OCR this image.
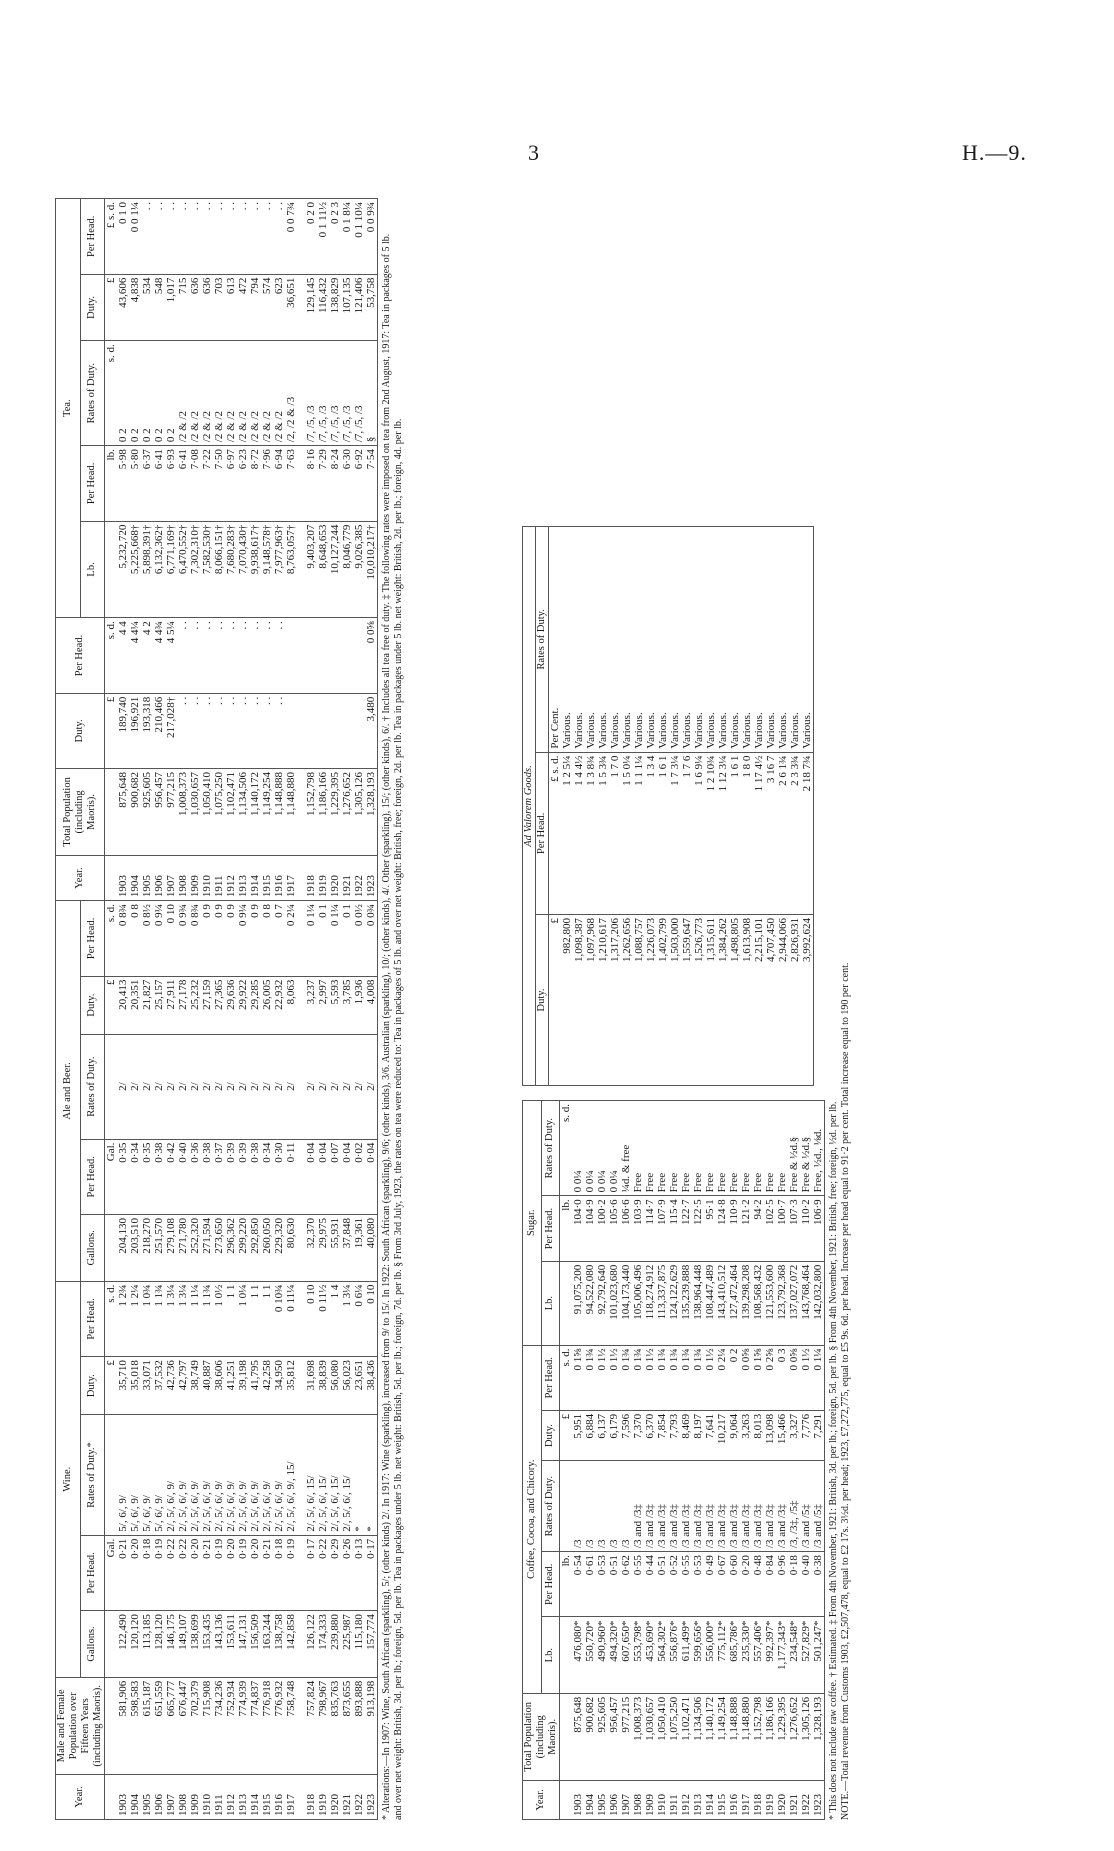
3	H.—9.
Year.	Male and Female Population over Fifteen Years (including Maoris).	Wine.					Ale and Beer.					Year.	Total Population (including Maoris).	Duty.	Per Head.	Tea.				
		Gallons.	Per Head.	Rates of Duty.*	Duty.	Per Head.	Gallons.	Per Head.	Rates of Duty.	Duty.	Per Head.					Lb.	Per Head.	Rates of Duty.	Duty.	Per Head.
			Gal.		£	s. d.		Gal.		£	s. d.			£	s. d.		lb.	s. d.	£	£ s. d.
1903	581,906	122,490	0·21	5/, 6/, 9/	35,710	1 2¾	204,130	0·35	2/	20,413	0 8¾	1903	875,648	189,740	4 4	5,232,720	5·98	0 2	43,606	0 1 0
1904	598,583	120,120	0·20	5/, 6/, 9/	35,018	1 2¼	203,510	0·34	2/	20,351	0 8	1904	900,682	196,921	4 4¼	5,225,668†	5·80	0 2	4,838	0 0 1¼
1905	615,187	113,185	0·18	5/, 6/, 9/	33,071	1 0¾	218,270	0·35	2/	21,827	0 8½	1905	925,605	193,318	4 2	5,898,391†	6·37	0 2	534	. .
1906	651,559	128,120	0·19	5/, 6/, 9/	37,532	1 1¾	251,570	0·38	2/	25,157	0 9¼	1906	956,457	210,466	4 4¾	6,132,362†	6·41	0 2	548	. .
1907	665,777	146,175	0·22	2/, 5/, 6/, 9/	42,736	1 3¼	279,108	0·42	2/	27,911	0 10	1907	977,215	217,028†	4 5¼	6,771,169†	6·93	0 2	1,017	. .
1908	676,447	149,107	0·22	2/, 5/, 6/, 9/	42,797	1 3¼	271,780	0·40	2/	27,178	0 9¾	1908	1,008,373	. .	. .	6,470,552†	6·41	/2 & /2	715	. .
1909	702,379	138,699	0·20	2/, 5/, 6/, 9/	38,749	1 1¼	252,320	0·36	2/	25,232	0 8¾	1909	1,030,657	. .	. .	7,302,310†	7·08	/2 & /2	636	. .
1910	715,908	153,435	0·21	2/, 5/, 6/, 9/	40,887	1 1¾	271,594	0·38	2/	27,159	0 9	1910	1,050,410	. .	. .	7,582,530†	7·22	/2 & /2	636	. .
1911	734,236	143,136	0·19	2/, 5/, 6/, 9/	38,606	1 0½	273,650	0·37	2/	27,365	0 9	1911	1,075,250	. .	. .	8,066,151†	7·50	/2 & /2	703	. .
1912	752,934	153,611	0·20	2/, 5/, 6/, 9/	41,251	1 1	296,362	0·39	2/	29,636	0 9	1912	1,102,471	. .	. .	7,680,283†	6·97	/2 & /2	613	. .
1913	774,939	147,131	0·19	2/, 5/, 6/, 9/	39,198	1 0¼	299,220	0·39	2/	29,922	0 9¼	1913	1,134,506	. .	. .	7,070,430†	6·23	/2 & /2	472	. .
1914	774,837	156,509	0·20	2/, 5/, 6/, 9/	41,795	1 1	292,850	0·38	2/	29,285	0 9	1914	1,140,172	. .	. .	9,938,617†	8·72	/2 & /2	794	. .
1915	776,918	163,244	0·21	2/, 5/, 6/, 9/	42,258	1 1	260,050	0·34	2/	26,005	0 8	1915	1,149,254	. .	. .	9,148,578†	7·96	/2 & /2	574	. .
1916	776,932	138,758	0·18	2/, 5/, 6/, 9/	34,950	0 10¾	229,320	0·30	2/	22,932	0 7	1916	1,148,888	. .	. .	7,977,963†	6·94	/2 & /2	623	. .
1917	758,748	142,858	0·19	2/, 5/, 6/, 9/, 15/	35,812	0 11¼	80,630	0·11	2/	8,063	0 2¼	1917	1,148,880			8,763,057†	7·63	/2, /2 & /3	36,651	0 0 7¾

1918	757,824	126,122	0·17	2/, 5/, 6/, 15/	31,698	0 10	32,370	0·04	2/	3,237	0 1¼	1918	1,152,798			9,403,207	8·16	/7, /5, /3	129,145	0 2 0
1919	798,967	174,333	0·22	2/, 5/, 6/, 15/	38,839	0 11½	29,975	0·04	2/	2,997	0 1	1919	1,186,166			8,648,653	7·29	/7, /5, /3	116,432	0 1 11½
1920	835,763	239,880	0·29	2/, 5/, 6/, 15/	56,080	1 4	55,931	0·07	2/	5,593	0 1¼	1920	1,229,395			10,127,244	8·24	/7, /5, /3	138,829	0 2 3
1921	873,655	225,987	0·26	2/, 5/, 6/, 15/	56,023	1 3¼	37,848	0·04	2/	3,785	0 1	1921	1,276,652			8,046,779	6·30	/7, /5, /3	107,135	0 1 8¼
1922	893,888	115,180	0·13	*	23,651	0 6¼	19,361	0·02	2/	1,936	0 0½	1922	1,305,126			9,026,385	6·92	/7, /5, /3	121,406	0 1 10¼
1923	913,198	157,774	0·17	*	38,436	0 10	40,080	0·04	2/	4,008	0 0¾	1923	1,328,193	3,480	0 0⅝	10,010,217†	7·54	§	53,758	0 0 9¾

* Alterations:—In 1907: Wine, South African (sparkling), 5/; (other kinds) 2/. In 1917: Wine (sparkling), increased from 9/ to 15/. In 1922: South African (sparkling), 9/6; (other kinds), 3/6. Australian (sparkling), 10/; (other kinds), 4/. Other (sparkling), 15/; (other kinds), 6/. † Includes all tea free of duty. ‡ The following rates were imposed on tea from 2nd August, 1917: Tea in packages of 5 lb. and over net weight: British, 3d. per lb.; foreign, 5d. per lb. Tea in packages under 5 lb. net weight: British, 5d. per lb.; foreign, 7d. per lb. § From 3rd July, 1923, the rates on tea were reduced to: Tea in packages of 5 lb. and over net weight: British, free; foreign, 2d. per lb. Tea in packages under 5 lb. net weight: British, 2d. per lb.; foreign, 4d. per lb.	Year.	Total Population (including Maoris).	Coffee, Cocoa, and Chicory.					Sugar.		
		Lb.	Per Head.	Rates of Duty.	Duty.	Per Head.	Lb.	Per Head.	Rates of Duty.
			lb.		£	s. d.		lb.	s. d.
1903	875,648	476,080*	0·54	/3	5,951	0 1⅝	91,075,200	104·0	0 0¼
1904	900,682	550,720*	0·61	/3	6,884	0 1¾	94,522,080	104·9	0 0¼
1905	925,605	490,960*	0·53	/3	6,137	0 1½	92,792,640	100·2	0 0¼
1906	956,457	494,320*	0·51	/3	6,179	0 1½	101,023,680	105·6	0 0¼
1907	977,215	607,650*	0·62	/3	7,596	0 1¾	104,173,440	106·6	¼d. & free
1908	1,008,373	553,798*	0·55	/3 and /3‡	7,370	0 1¾	105,006,496	103·9	Free
1909	1,030,657	453,690*	0·44	/3 and /3‡	6,370	0 1½	118,274,912	114·7	Free
1910	1,050,410	564,302*	0·51	/3 and /3‡	7,854	0 1¾	113,337,875	107·9	Free
1911	1,075,250	556,876*	0·52	/3 and /3‡	7,793	0 1¾	124,122,629	115·4	Free
1912	1,102,471	611,499*	0·55	/3 and /3‡	8,469	0 1¾	135,239,888	122·7	Free
1913	1,134,506	599,656*	0·53	/3 and /3‡	8,197	0 1¾	138,964,448	122·5	Free
1914	1,140,172	556,000*	0·49	/3 and /3‡	7,641	0 1½	108,447,489	95·1	Free
1915	1,149,254	775,112*	0·67	/3 and /3‡	10,217	0 2¼	143,410,512	124·8	Free
1916	1,148,888	685,786*	0·60	/3 and /3‡	9,064	0 2	127,472,464	110·9	Free
1917	1,148,880	235,330*	0·20	/3 and /3‡	3,263	0 0⅝	139,298,208	121·2	Free
1918	1,152,798	557,406*	0·48	/3 and /3‡	8,013	0 1⅝	108,568,432	94·2	Free
1919	1,186,166	992,397*	0·84	/3 and /3‡	13,098	0 2⅝	121,553,600	102·5	Free
1920	1,229,395	1,177,343*	0·96	/3 and /3‡	15,466	0 3	123,792,368	100·7	Free
1921	1,276,652	234,548*	0·18	/3, /3‡, /5‡	3,327	0 0⅝	137,027,072	107·3	Free & ½d.§
1922	1,305,126	527,829*	0·40	/3 and /5‡	7,776	0 1½	143,768,464	110·2	Free & ½d.§
1923	1,328,193	501,247*	0·38	/3 and /5‡	7,291	0 1¼	142,032,800	106·9	Free, ½d., ⅛d.
Ad Valorem Goods.		
Duty.	Per Head.	Rates of Duty.
£	£ s. d.	Per Cent.
982,800	1 2 5¼	Various.
1,098,387	1 4 4½	Various.
1,097,968	1 3 8¾	Various.
1,210,617	1 5 3¾	Various.
1,317,206	1 7 0	Various.
1,262,656	1 5 0¼	Various.
1,088,757	1 1 1¼	Various.
1,226,073	1 3 4	Various.
1,402,799	1 6 1	Various.
1,503,000	1 7 3¼	Various.
1,559,647	1 7 6	Various.
1,526,773	1 6 9¼	Various.
1,315,611	1 2 10¾	Various.
1,384,262	1 12 3¼	Various.
1,498,805	1 6 1	Various.
1,613,908	1 8 0	Various.
2,215,101	1 17 4½	Various.
4,707,450	3 16 7	Various.
2,944,066	2 6 1¾	Various.
2,826,931	2 3 3¾	Various.
3,992,624	2 18 7¾	Various.

* This does not include raw coffee. † Estimated. ‡ From 4th November, 1921: British, 3d. per lb.; foreign, 5d. per lb. § From 4th November, 1921: British, free; foreign, ½d. per lb. NOTE.—Total revenue from Customs 1903, £2,507,478, equal to £2 17s. 3½d. per head; 1923, £7,272,775, equal to £5 9s. 6d. per head. Increase per head equal to 91·2 per cent. Total increase equal to 190 per cent.
